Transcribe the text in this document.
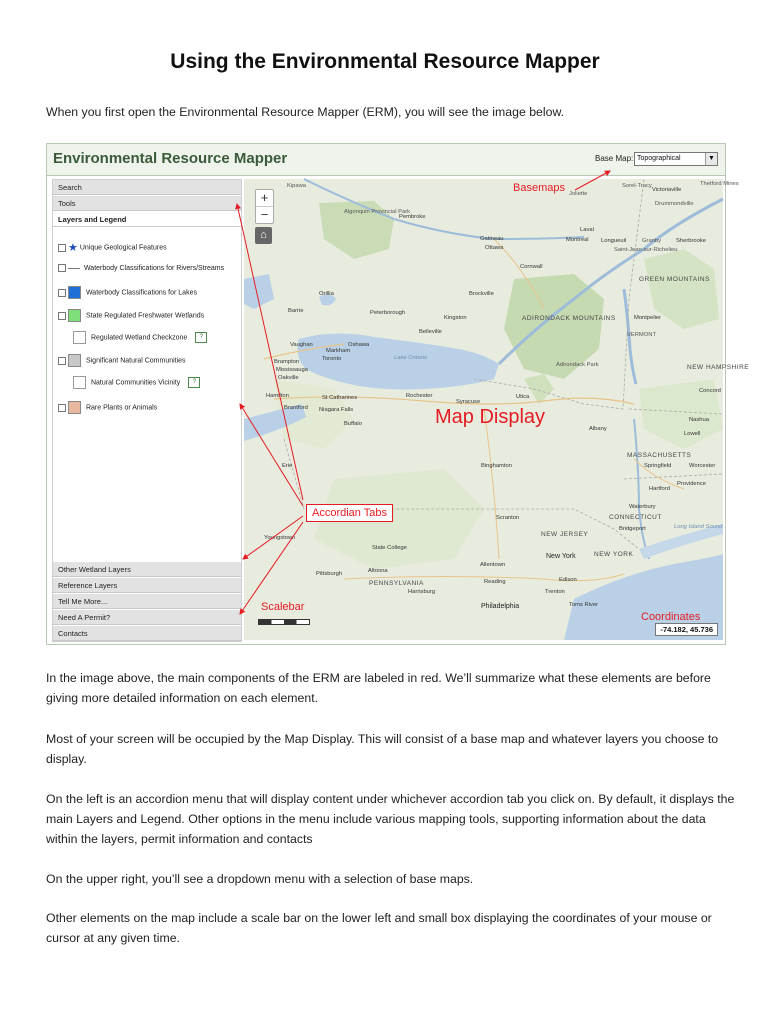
Using the Environmental Resource Mapper
When you first open the Environmental Resource Mapper (ERM), you will see the image below.
Environmental Resource Mapper	Base Map: Topographical	▼
Search
Tools
Layers and Legend
★ Unique Geological Features
Waterbody Classifications for Rivers/Streams
Waterbody Classifications for Lakes
State Regulated Freshwater Wetlands
Regulated Wetland Checkzone ?
Significant Natural Communities
Natural Communities Vicinity ?
Rare Plants or Animals
Other Wetland Layers
Reference Layers
Tell Me More...
Need A Permit?
Contacts
Kipawa
Algonquin Provincial Park
Pembroke
Gatineau
Ottawa
Cornwall
Laval
Montreal Longueuil	Granby	Sherbrooke
Joliette
Sorel-Tracy
Victoriaville
Thetford Mines
Drummondville
Saint-Jean-sur-Richelieu
GREEN MOUNTAINS
Orillia
Barrie	Peterborough
Brockville
Kingston	ADIRONDACK MOUNTAINS	Montpelier
VERMONT
Belleville
Vaughan
Markham
Toronto
Oshawa
Brampton
Mississauga
Oakville
Hamilton
Brantford
St Catharines
Niagara Falls
Buffalo
Rochester
Syracuse
Utica
Adirondack Park
Albany
Lake Ontario
Erie	Binghamton
MASSACHUSETTS
Springfield	Worcester
Hartford
Providence
Waterbury
CONNECTICUT
Bridgeport
Scranton
NEW JERSEY
New York	NEW YORK
State College
Altoona
PENNSYLVANIA
Harrisburg
Allentown
Reading	Edison
Trenton
Toms River
Philadelphia
Pittsburgh
Youngstown
Concord
Nashua
Lowell
NEW HAMPSHIRE
Long Island Sound
+
−
⌂
-74.182, 45.736
Basemaps
Map Display
Accordian Tabs
Scalebar
Coordinates

In the image above, the main components of the ERM are labeled in red. We’ll summarize what these elements are before giving more detailed information on each element.

Most of your screen will be occupied by the Map Display. This will consist of a base map and whatever layers you choose to display.

On the left is an accordion menu that will display content under whichever accordion tab you click on. By default, it displays the main Layers and Legend. Other options in the menu include various mapping tools, supporting information about the data within the layers, permit information and contacts

On the upper right, you’ll see a dropdown menu with a selection of base maps.

Other elements on the map include a scale bar on the lower left and small box displaying the coordinates of your mouse or cursor at any given time.
